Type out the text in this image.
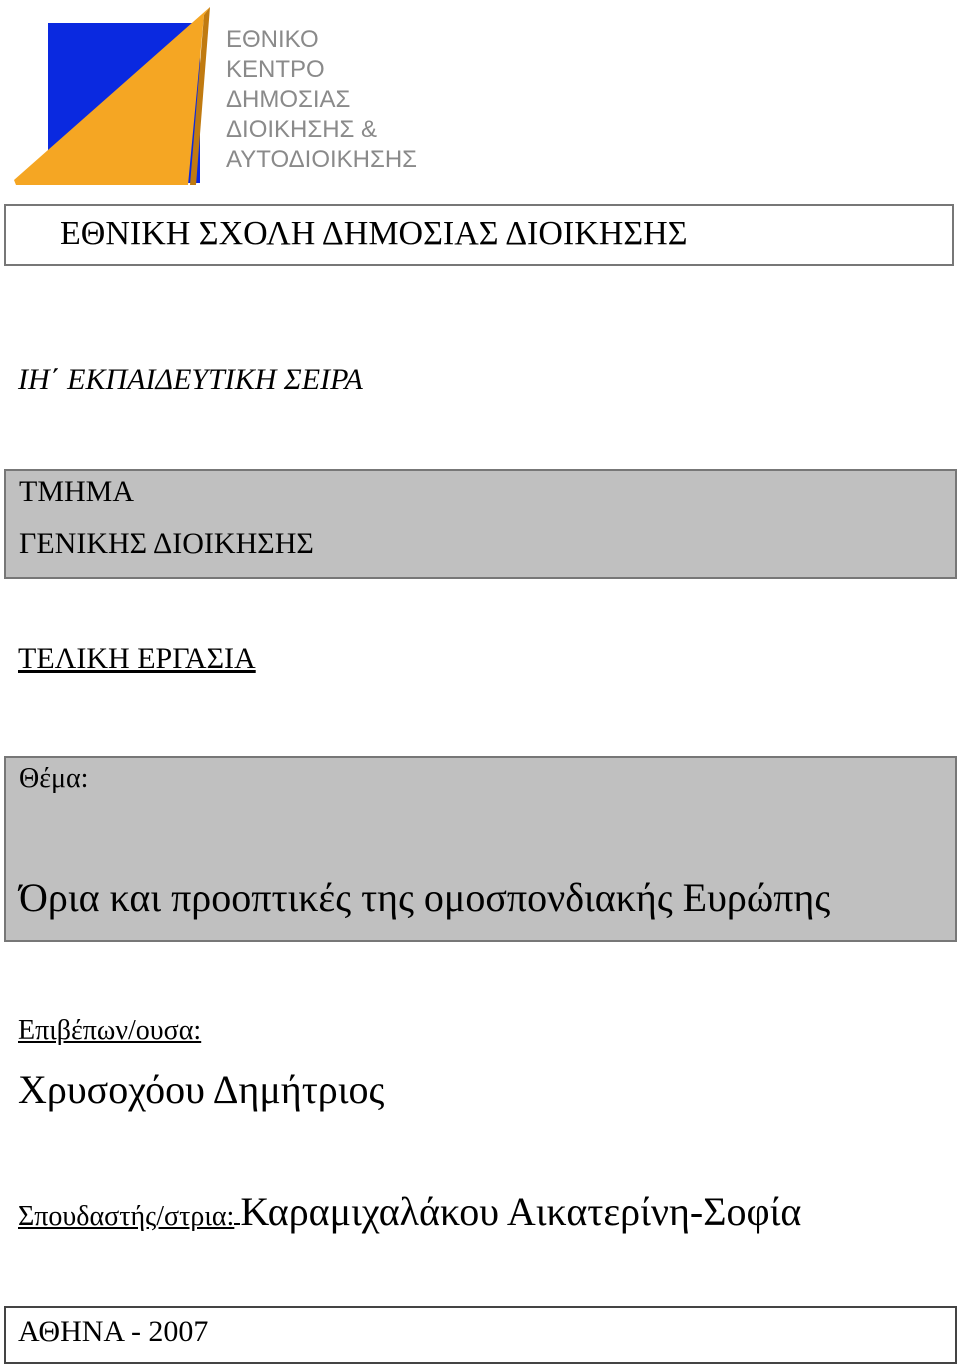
ΕΘΝΙΚΟ
ΚΕΝΤΡΟ
ΔΗΜΟΣΙΑΣ
ΔΙΟΙΚΗΣΗΣ &
ΑΥΤΟΔΙΟΙΚΗΣΗΣ
ΕΘΝΙΚΗ ΣΧΟΛΗ ΔΗΜΟΣΙΑΣ ΔΙΟΙΚΗΣΗΣ
ΙΗ΄ ΕΚΠΑΙΔΕΥΤΙΚΗ ΣΕΙΡΑ
ΤΜΗΜΑ
ΓΕΝΙΚΗΣ ΔΙΟΙΚΗΣΗΣ
ΤΕΛΙΚΗ ΕΡΓΑΣΙΑ
Θέμα:
Όρια και προοπτικές της ομοσπονδιακής Ευρώπης
Επιβέπων/ουσα:
Χρυσοχόου Δημήτριος
Σπουδαστής/στρια: Καραμιχαλάκου Αικατερίνη-Σοφία
ΑΘΗΝΑ - 2007
